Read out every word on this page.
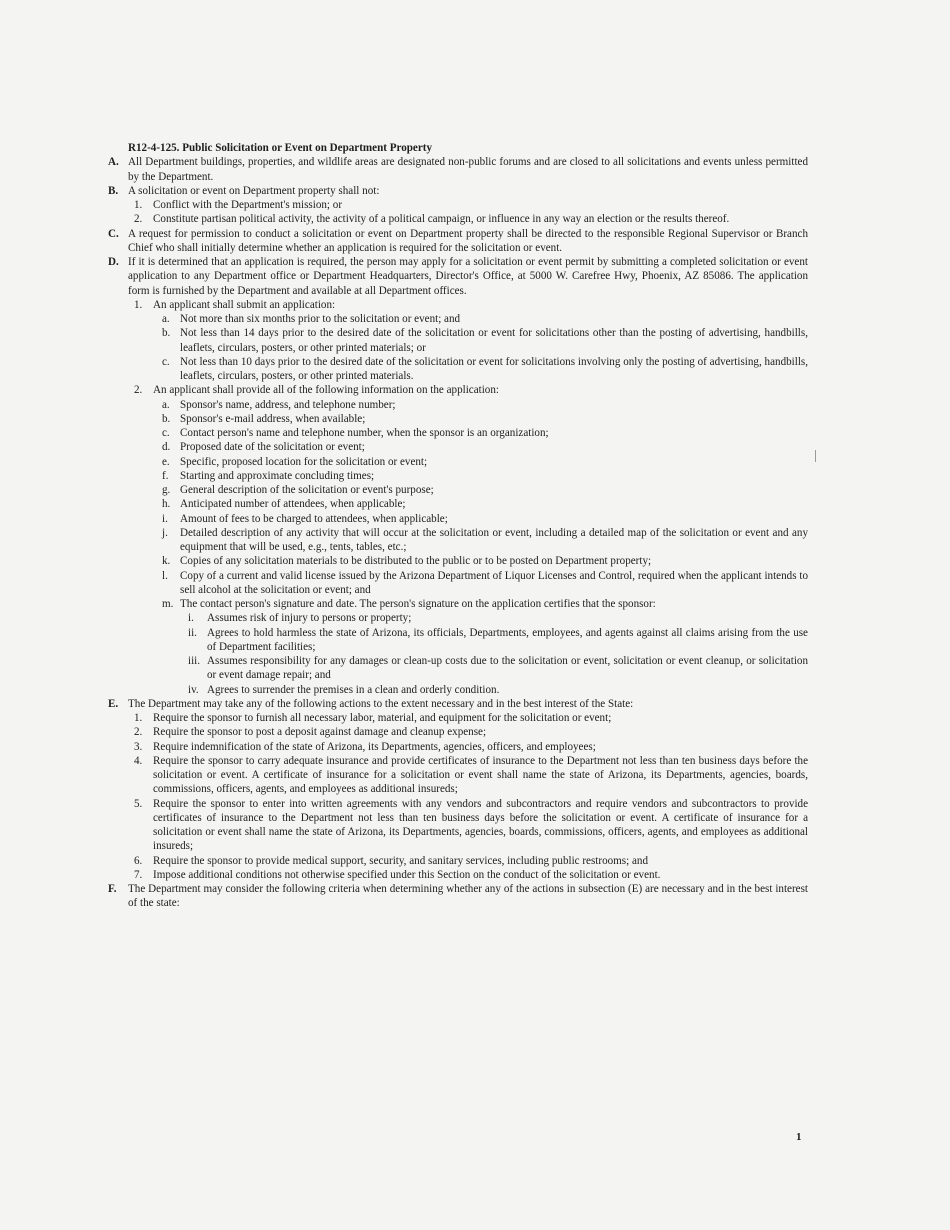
R12-4-125. Public Solicitation or Event on Department Property
A. All Department buildings, properties, and wildlife areas are designated non-public forums and are closed to all solicitations and events unless permitted by the Department.
B. A solicitation or event on Department property shall not:
1. Conflict with the Department's mission; or
2. Constitute partisan political activity, the activity of a political campaign, or influence in any way an election or the results thereof.
C. A request for permission to conduct a solicitation or event on Department property shall be directed to the responsible Regional Supervisor or Branch Chief who shall initially determine whether an application is required for the solicitation or event.
D. If it is determined that an application is required, the person may apply for a solicitation or event permit by submitting a completed solicitation or event application to any Department office or Department Headquarters, Director's Office, at 5000 W. Carefree Hwy, Phoenix, AZ 85086. The application form is furnished by the Department and available at all Department offices.
1. An applicant shall submit an application:
a. Not more than six months prior to the solicitation or event; and
b. Not less than 14 days prior to the desired date of the solicitation or event for solicitations other than the posting of advertising, handbills, leaflets, circulars, posters, or other printed materials; or
c. Not less than 10 days prior to the desired date of the solicitation or event for solicitations involving only the posting of advertising, handbills, leaflets, circulars, posters, or other printed materials.
2. An applicant shall provide all of the following information on the application:
a. Sponsor's name, address, and telephone number;
b. Sponsor's e-mail address, when available;
c. Contact person's name and telephone number, when the sponsor is an organization;
d. Proposed date of the solicitation or event;
e. Specific, proposed location for the solicitation or event;
f.	Starting and approximate concluding times;
g. General description of the solicitation or event's purpose;
h. Anticipated number of attendees, when applicable;
i.	Amount of fees to be charged to attendees, when applicable;
j.	Detailed description of any activity that will occur at the solicitation or event, including a detailed map of the solicitation or event and any equipment that will be used, e.g., tents, tables, etc.;
k. Copies of any solicitation materials to be distributed to the public or to be posted on Department property;
l.	Copy of a current and valid license issued by the Arizona Department of Liquor Licenses and Control, required when the applicant intends to sell alcohol at the solicitation or event; and
m. The contact person's signature and date. The person's signature on the application certifies that the sponsor:
i.	Assumes risk of injury to persons or property;
ii. Agrees to hold harmless the state of Arizona, its officials, Departments, employees, and agents against all claims arising from the use of Department facilities;
iii. Assumes responsibility for any damages or clean-up costs due to the solicitation or event, solicitation or event cleanup, or solicitation or event damage repair; and
iv. Agrees to surrender the premises in a clean and orderly condition.
E. The Department may take any of the following actions to the extent necessary and in the best interest of the State:
1. Require the sponsor to furnish all necessary labor, material, and equipment for the solicitation or event;
2. Require the sponsor to post a deposit against damage and cleanup expense;
3. Require indemnification of the state of Arizona, its Departments, agencies, officers, and employees;
4. Require the sponsor to carry adequate insurance and provide certificates of insurance to the Department not less than ten business days before the solicitation or event. A certificate of insurance for a solicitation or event shall name the state of Arizona, its Departments, agencies, boards, commissions, officers, agents, and employees as additional insureds;
5. Require the sponsor to enter into written agreements with any vendors and subcontractors and require vendors and subcontractors to provide certificates of insurance to the Department not less than ten business days before the solicitation or event. A certificate of insurance for a solicitation or event shall name the state of Arizona, its Departments, agencies, boards, commissions, officers, agents, and employees as additional insureds;
6. Require the sponsor to provide medical support, security, and sanitary services, including public restrooms; and
7. Impose additional conditions not otherwise specified under this Section on the conduct of the solicitation or event.
F.	The Department may consider the following criteria when determining whether any of the actions in subsection (E) are necessary and in the best interest of the state:
1
